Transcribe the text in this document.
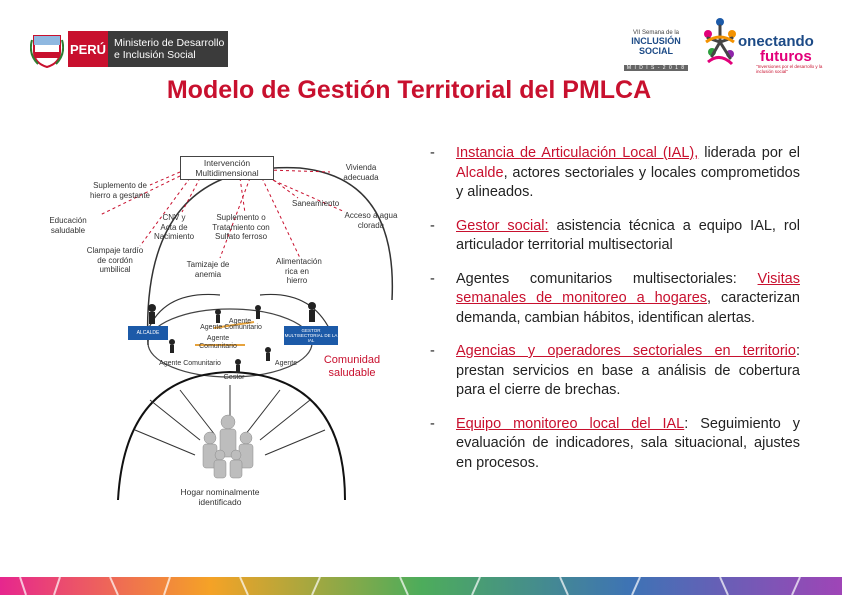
PERÚ Ministerio de Desarrollo
e Inclusión Social
VII Semana de la
INCLUSIÓN SOCIAL
M I D I S - 2 0 1 8
onectando
futuros
"Inversiones por el desarrollo y la inclusión social"
Modelo de Gestión Territorial del PMLCA
Intervención Multidimensional
Suplemento de hierro a gestante
Educación saludable
Clampaje tardío de cordón umbilical
CNV y Acta de Nacimiento
Suplemento o Tratamiento con Sulfato ferroso
Tamizaje de anemia
Vivienda adecuada
Saneamiento
Acceso a agua clorada
Alimentación rica en hierro
ALCALDE	GESTOR
MULTISECTORIAL DE LA IAL
Agente
Agente Comunitario
Agente Comunitario
Agente Comunitario	Agente
Gestor
Comunidad saludable
Hogar nominalmente identificado
-	Instancia de Articulación Local (IAL), liderada por el Alcalde, actores sectoriales y locales comprometidos y alineados.
-	Gestor social: asistencia técnica a equipo IAL, rol articulador territorial multisectorial
-	Agentes comunitarios multisectoriales: Visitas semanales de monitoreo a hogares, caracterizan demanda, cambian hábitos, identifican alertas.
-	Agencias y operadores sectoriales en territorio: prestan servicios en base a análisis de cobertura para el cierre de brechas.
-	Equipo monitoreo local del IAL: Seguimiento y evaluación de indicadores, sala situacional, ajustes en procesos.
